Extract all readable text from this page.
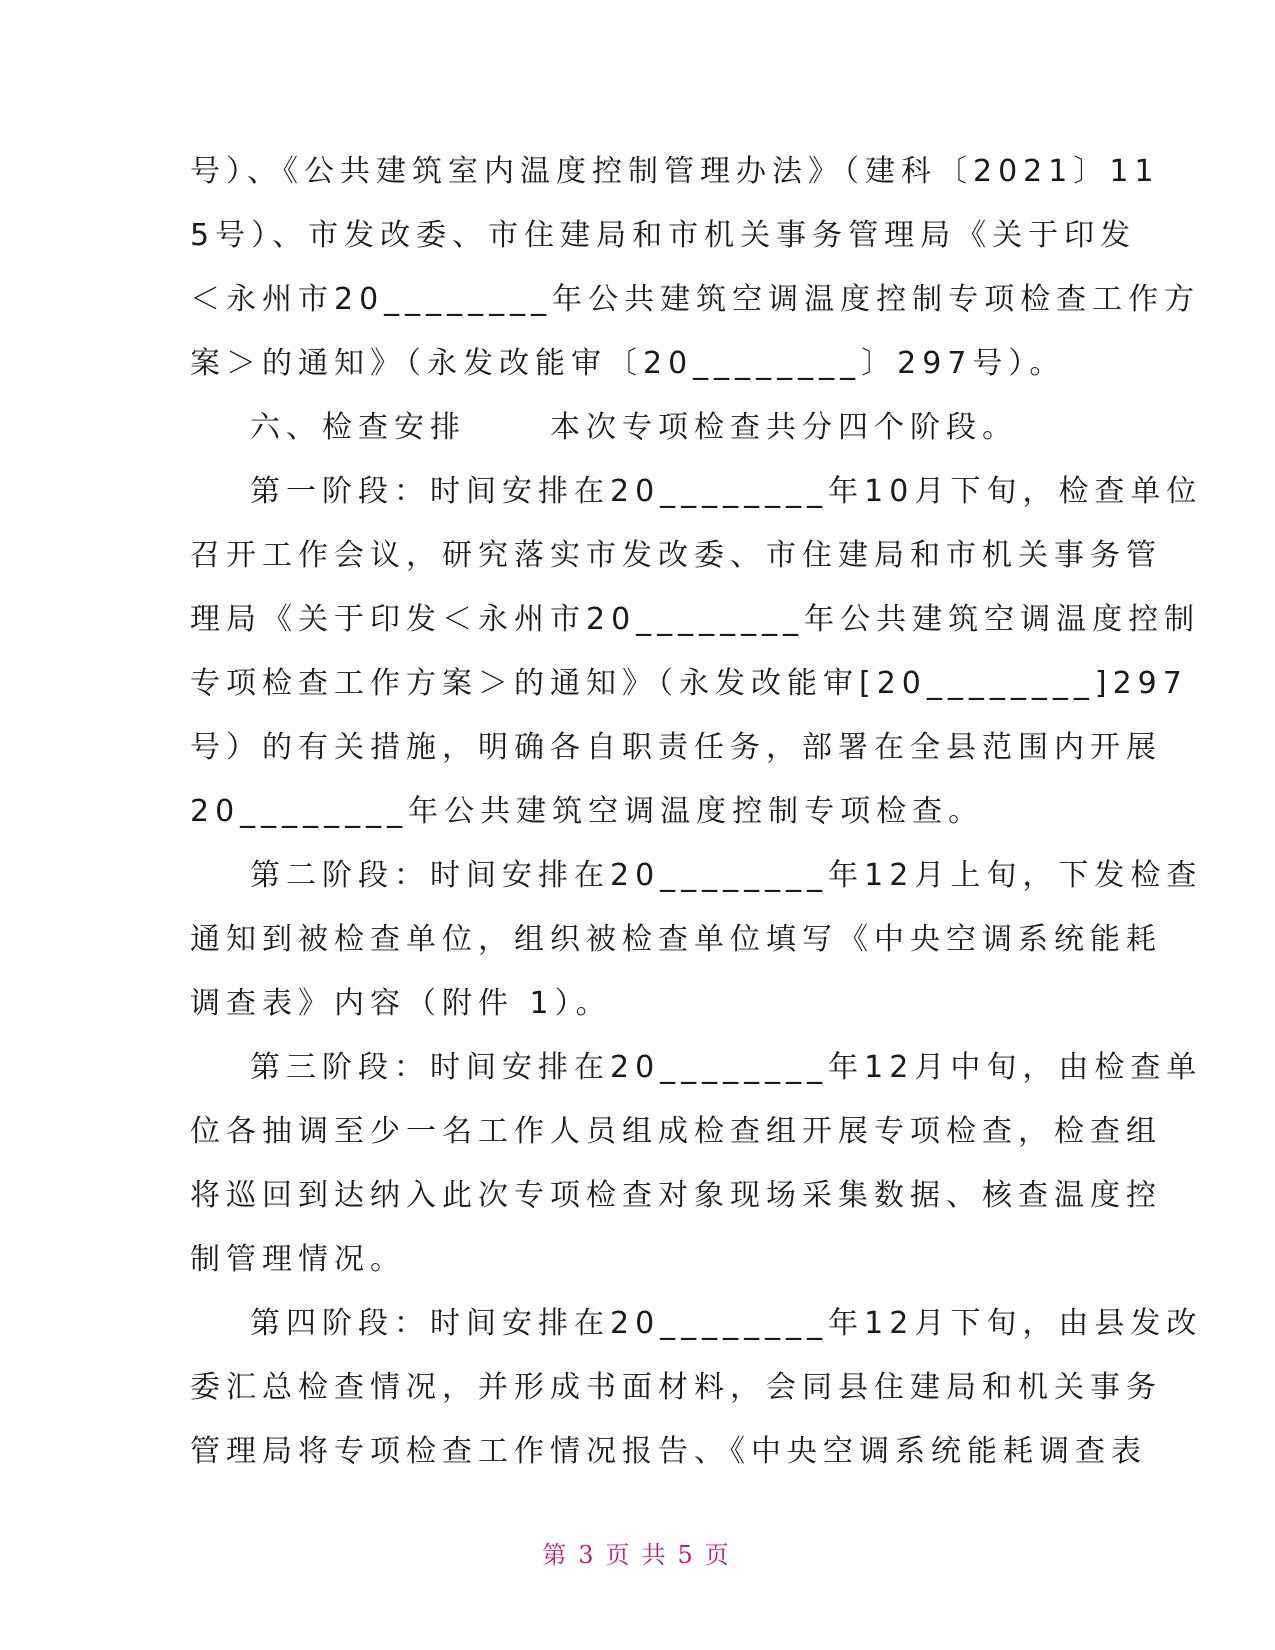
号）、《公共建筑室内温度控制管理办法》（建科〔2021〕11
5号）、市发改委、市住建局和市机关事务管理局《关于印发
＜永州市20________年公共建筑空调温度控制专项检查工作方
案＞的通知》（永发改能审〔20________〕297号）。
六、检查安排	本次专项检查共分四个阶段。
第一阶段：时间安排在20________年10月下旬，检查单位
召开工作会议，研究落实市发改委、市住建局和市机关事务管
理局《关于印发＜永州市20________年公共建筑空调温度控制
专项检查工作方案＞的通知》（永发改能审[20________]297
号）的有关措施，明确各自职责任务，部署在全县范围内开展
20________年公共建筑空调温度控制专项检查。
第二阶段：时间安排在20________年12月上旬，下发检查
通知到被检查单位，组织被检查单位填写《中央空调系统能耗
调查表》内容（附件 1）。
第三阶段：时间安排在20________年12月中旬，由检查单
位各抽调至少一名工作人员组成检查组开展专项检查，检查组
将巡回到达纳入此次专项检查对象现场采集数据、核查温度控
制管理情况。
第四阶段：时间安排在20________年12月下旬，由县发改
委汇总检查情况，并形成书面材料，会同县住建局和机关事务
管理局将专项检查工作情况报告、《中央空调系统能耗调查表
第 3 页 共 5 页
